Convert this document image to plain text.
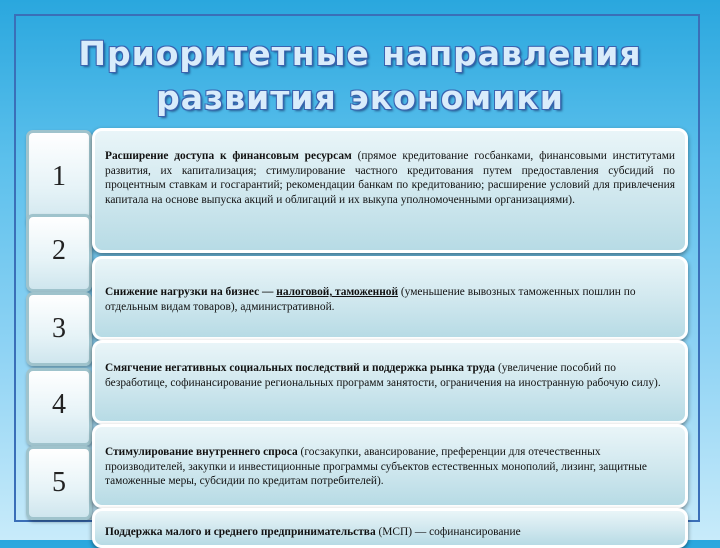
Приоритетные направления
развития экономики
1
2
3
4
5
Расширение доступа к финансовым ресурсам (прямое кредитование госбанками, финансовыми институтами развития, их капитализация; стимулирование частного кредитования путем предоставления субсидий по процентным ставкам и госгарантий; рекомендации банкам по кредитованию; расширение условий для привлечения капитала на основе выпуска акций и облигаций и их выкупа уполномоченными организациями).
Снижение нагрузки на бизнес — налоговой, таможенной (уменьшение вывозных таможенных пошлин по отдельным видам товаров), административной.
Смягчение негативных социальных последствий и поддержка рынка труда (увеличение пособий по безработице, софинансирование региональных программ занятости, ограничения на иностранную рабочую силу).
Стимулирование внутреннего спроса (госзакупки, авансирование, преференции для отечественных производителей, закупки и инвестиционные программы субъектов естественных монополий, лизинг, защитные таможенные меры, субсидии по кредитам потребителей).
Поддержка малого и среднего предпринимательства (МСП) — софинансирование
